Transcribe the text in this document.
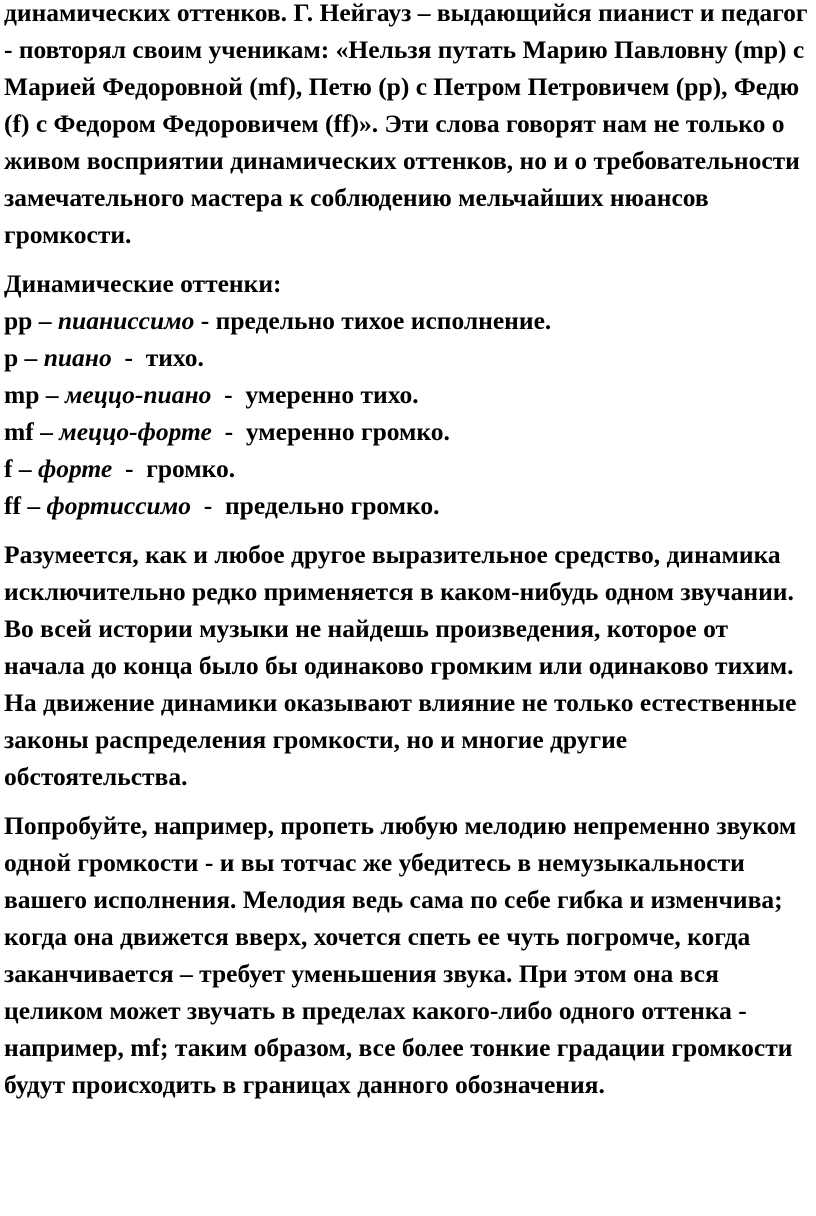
динамических оттенков. Г. Нейгауз – выдающийся пианист и педагог - повторял своим ученикам: «Нельзя путать Марию Павловну (mp) с Марией Федоровной (mf), Петю (p) с Петром Петровичем (pp), Федю (f) с Федором Федоровичем (ff)». Эти слова говорят нам не только о живом восприятии динамических оттенков, но и о требовательности замечательного мастера к соблюдению мельчайших нюансов громкости.

Динамические оттенки:
pp – пианиссимо - предельно тихое исполнение.
p – пиано  -  тихо.
mp – меццо-пиано  -  умеренно тихо.
mf – меццо-форте  -  умеренно громко.
f – форте  -  громко.
ff – фортиссимо  -  предельно громко.

Разумеется, как и любое другое выразительное средство, динамика исключительно редко применяется в каком-нибудь одном звучании. Во всей истории музыки не найдешь произведения, которое от начала до конца было бы одинаково громким или одинаково тихим. На движение динамики оказывают влияние не только естественные законы распределения громкости, но и многие другие обстоятельства.

Попробуйте, например, пропеть любую мелодию непременно звуком одной громкости - и вы тотчас же убедитесь в немузыкальности вашего исполнения. Мелодия ведь сама по себе гибка и изменчива; когда она движется вверх, хочется спеть ее чуть погромче, когда заканчивается – требует уменьшения звука. При этом она вся целиком может звучать в пределах какого-либо одного оттенка - например, mf; таким образом, все более тонкие градации громкости будут происходить в границах данного обозначения.
